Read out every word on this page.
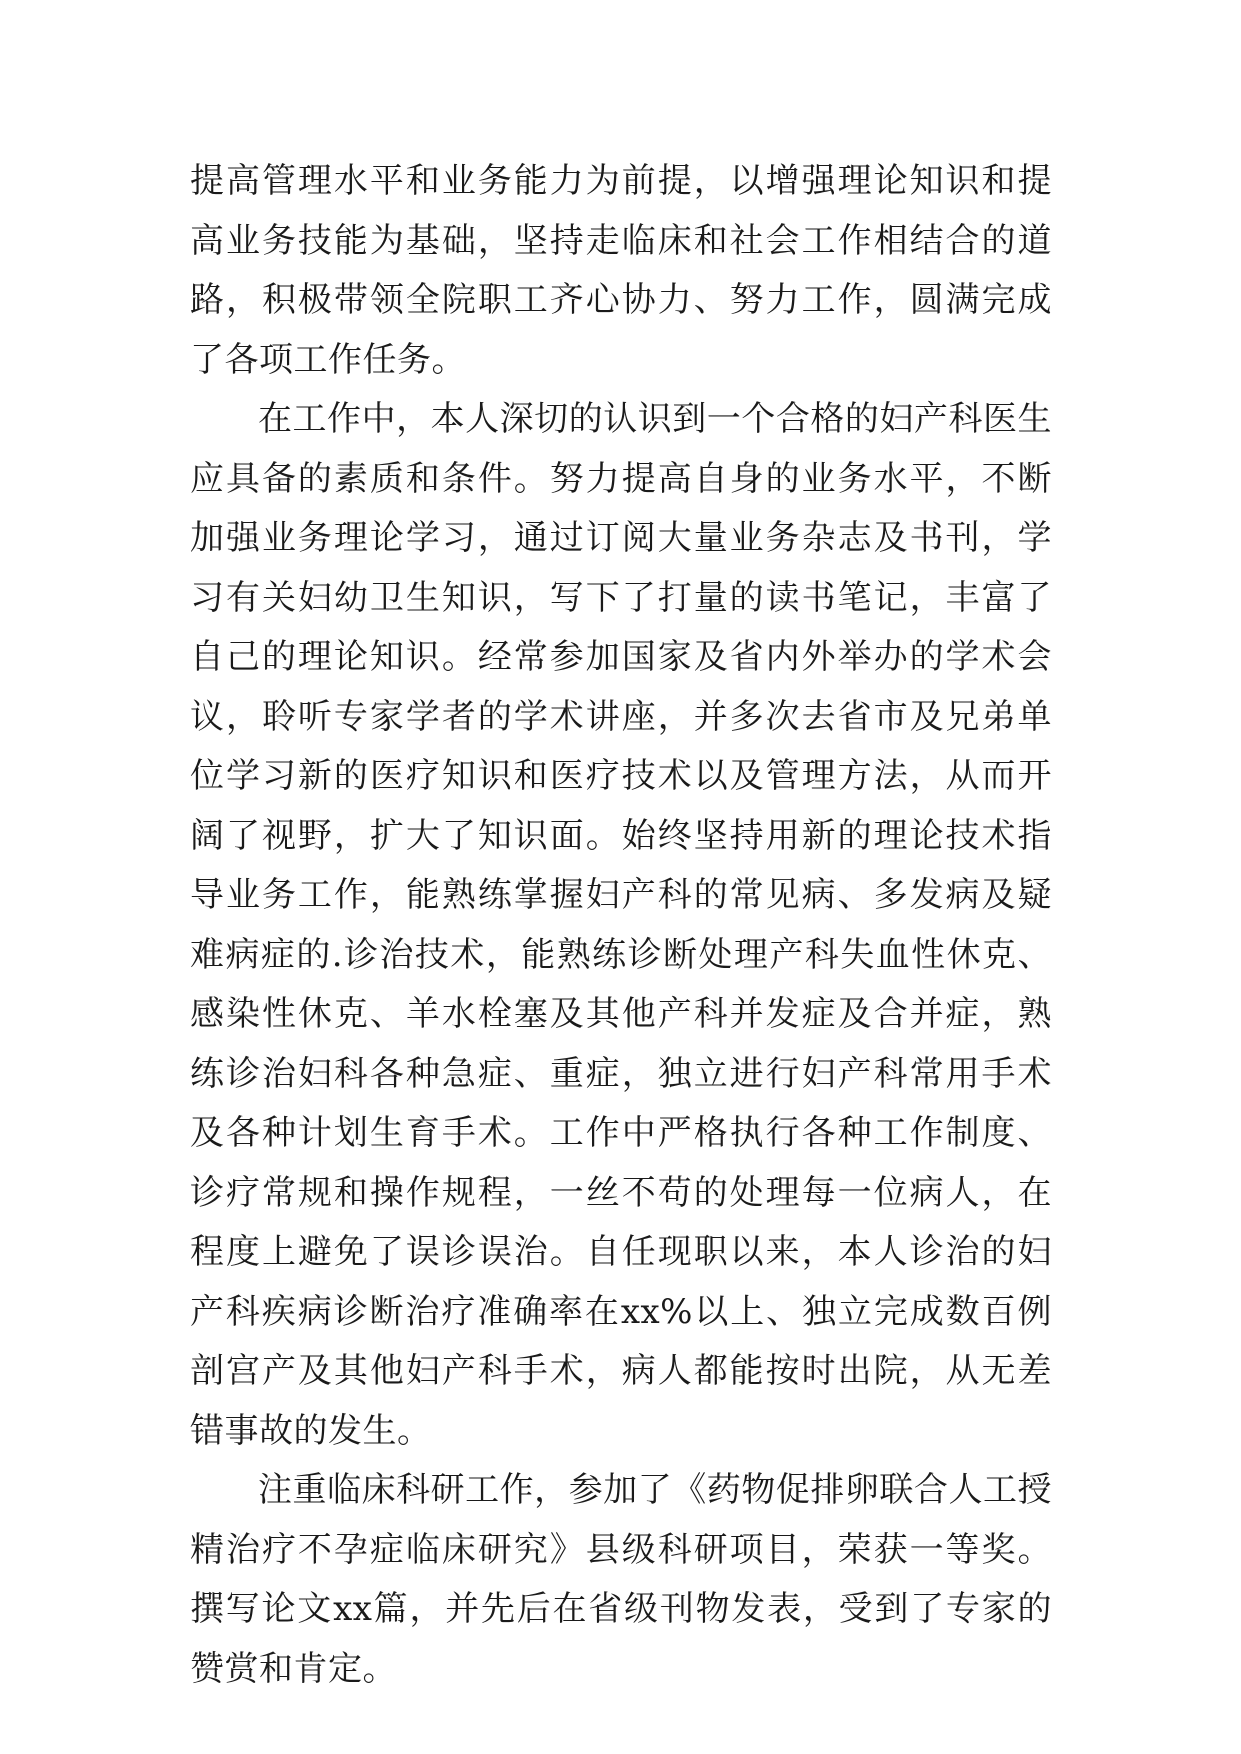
提高管理水平和业务能力为前提，以增强理论知识和提高业务技能为基础，坚持走临床和社会工作相结合的道路，积极带领全院职工齐心协力、努力工作，圆满完成了各项工作任务。

在工作中，本人深切的认识到一个合格的妇产科医生应具备的素质和条件。努力提高自身的业务水平，不断加强业务理论学习，通过订阅大量业务杂志及书刊，学习有关妇幼卫生知识，写下了打量的读书笔记，丰富了自己的理论知识。经常参加国家及省内外举办的学术会议，聆听专家学者的学术讲座，并多次去省市及兄弟单位学习新的医疗知识和医疗技术以及管理方法，从而开阔了视野，扩大了知识面。始终坚持用新的理论技术指导业务工作，能熟练掌握妇产科的常见病、多发病及疑难病症的.诊治技术，能熟练诊断处理产科失血性休克、感染性休克、羊水栓塞及其他产科并发症及合并症，熟练诊治妇科各种急症、重症，独立进行妇产科常用手术及各种计划生育手术。工作中严格执行各种工作制度、诊疗常规和操作规程，一丝不苟的处理每一位病人，在程度上避免了误诊误治。自任现职以来，本人诊治的妇产科疾病诊断治疗准确率在xx%以上、独立完成数百例剖宫产及其他妇产科手术，病人都能按时出院，从无差错事故的发生。

注重临床科研工作，参加了《药物促排卵联合人工授精治疗不孕症临床研究》县级科研项目，荣获一等奖。撰写论文xx篇，并先后在省级刊物发表，受到了专家的赞赏和肯定。
